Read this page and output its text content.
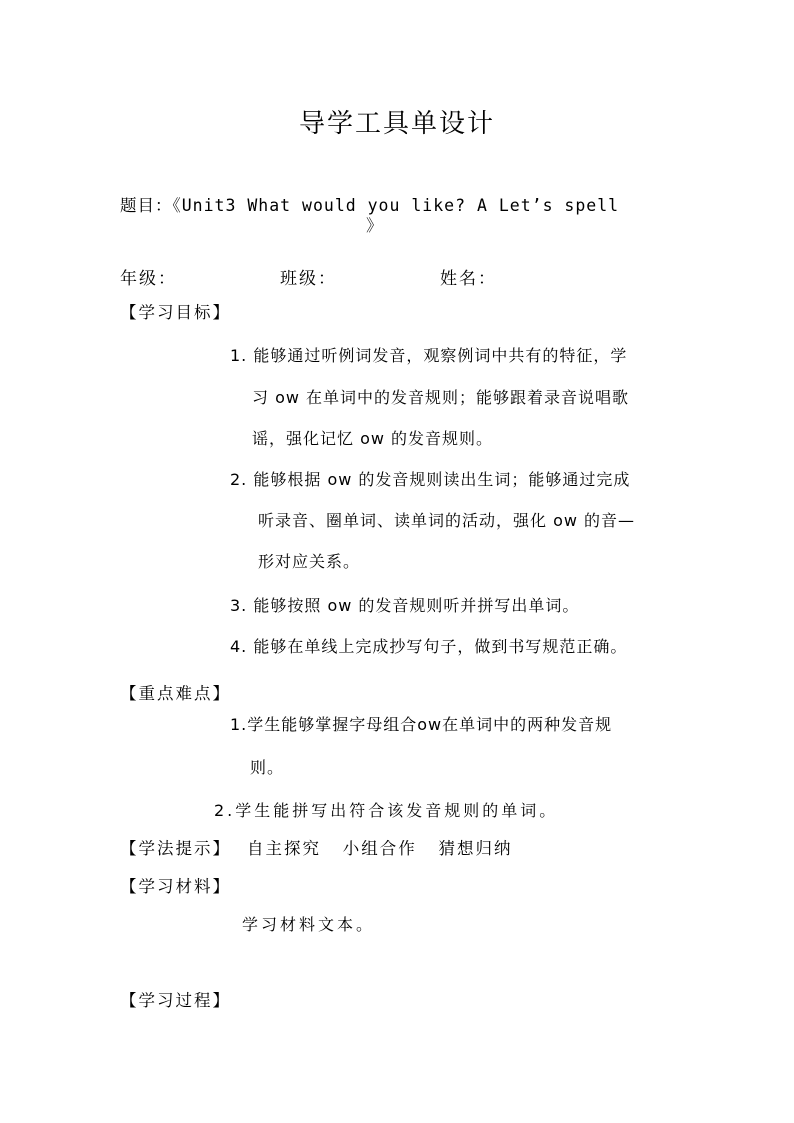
导学工具单设计
题目：《Unit3 What would you like? A Let’s spell
》
年级：	班级：	姓名：
【学习目标】
1. 能够通过听例词发音，观察例词中共有的特征，学
习 ow 在单词中的发音规则；能够跟着录音说唱歌
谣，强化记忆 ow 的发音规则。
2. 能够根据 ow 的发音规则读出生词；能够通过完成
听录音、圈单词、读单词的活动，强化 ow 的音—
形对应关系。
3. 能够按照 ow 的发音规则听并拼写出单词。
4. 能够在单线上完成抄写句子，做到书写规范正确。
【重点难点】
1.学生能够掌握字母组合ow在单词中的两种发音规
则。
2.学生能拼写出符合该发音规则的单词。
【学法提示】 自主探究   小组合作   猜想归纳
【学习材料】
学习材料文本。
【学习过程】
